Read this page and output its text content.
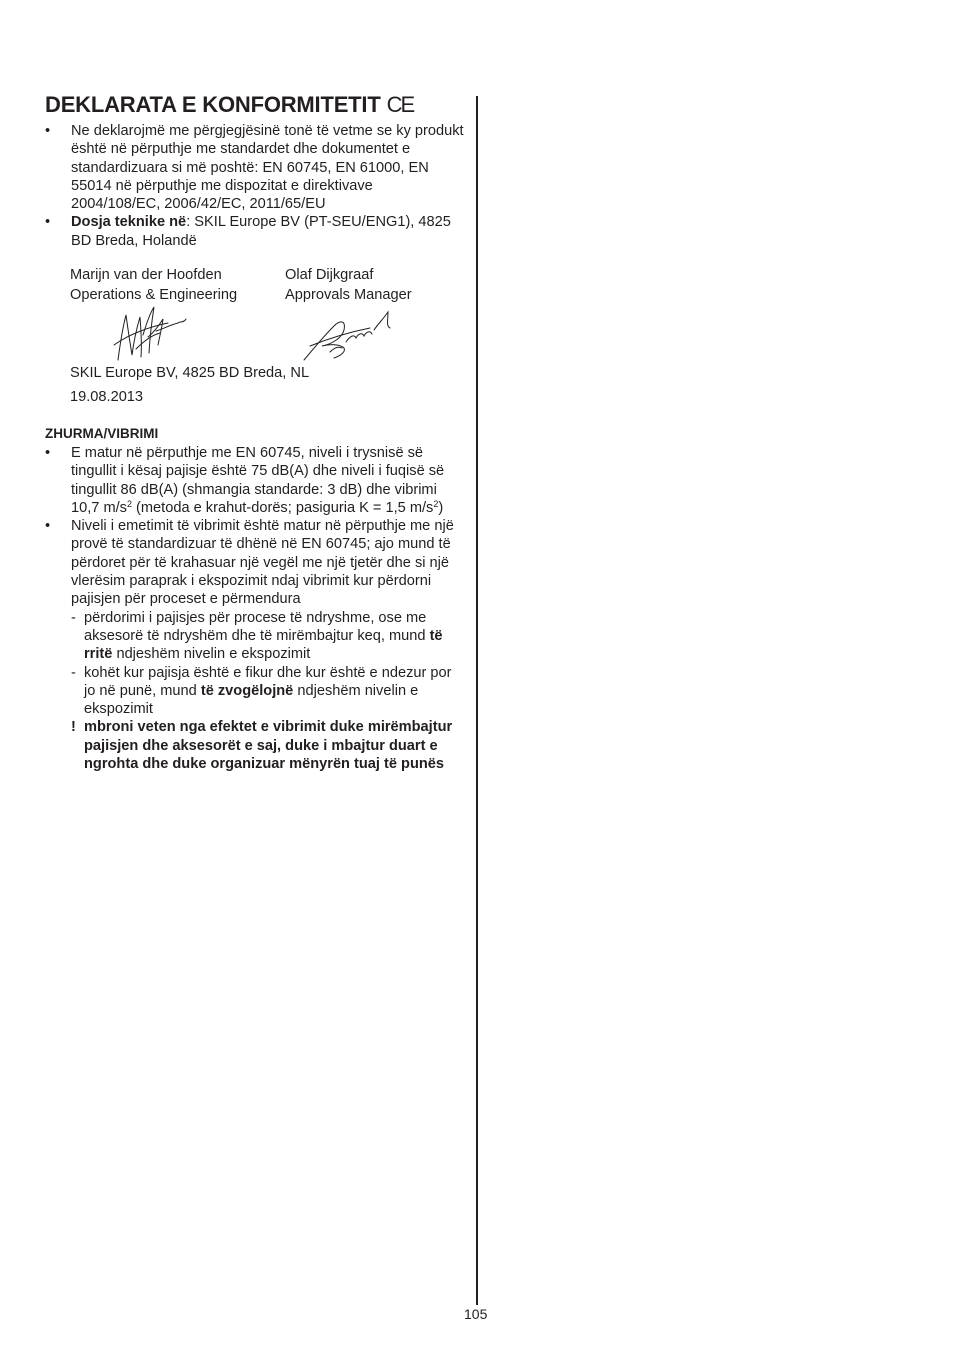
DEKLARATA E KONFORMITETIT CE
• Ne deklarojmë me përgjegjësinë tonë të vetme se ky produkt është në përputhje me standardet dhe dokumentet e standardizuara si më poshtë: EN 60745, EN 61000, EN 55014 në përputhje me dispozitat e direktivave 2004/108/EC, 2006/42/EC, 2011/65/EU
• Dosja teknike në: SKIL Europe BV (PT-SEU/ENG1), 4825 BD Breda, Holandë
Marijn van der Hoofden
Operations & Engineering
Olaf Dijkgraaf
Approvals Manager
SKIL Europe BV, 4825 BD Breda, NL
19.08.2013
ZHURMA/VIBRIMI
• E matur në përputhje me EN 60745, niveli i trysnisë së tingullit i kësaj pajisje është 75 dB(A) dhe niveli i fuqisë së tingullit 86 dB(A) (shmangia standarde: 3 dB) dhe vibrimi 10,7 $m/s^2$ (metoda e krahut-dorës; pasiguria K = 1,5 $m/s^2$)
• Niveli i emetimit të vibrimit është matur në përputhje me një provë të standardizuar të dhënë në EN 60745; ajo mund të përdoret për të krahasuar një vegël me një tjetër dhe si një vlerësim paraprak i ekspozimit ndaj vibrimit kur përdorni pajisjen për proceset e përmendura
- përdorimi i pajisjes për procese të ndryshme, ose me aksesorë të ndryshëm dhe të mirëmbajtur keq, mund të rritë ndjeshëm nivelin e ekspozimit
- kohët kur pajisja është e fikur dhe kur është e ndezur por jo në punë, mund të zvogëlojnë ndjeshëm nivelin e ekspozimit
! mbroni veten nga efektet e vibrimit duke mirëmbajtur pajisjen dhe aksesorët e saj, duke i mbajtur duart e ngrohta dhe duke organizuar mënyrën tuaj të punës
105
